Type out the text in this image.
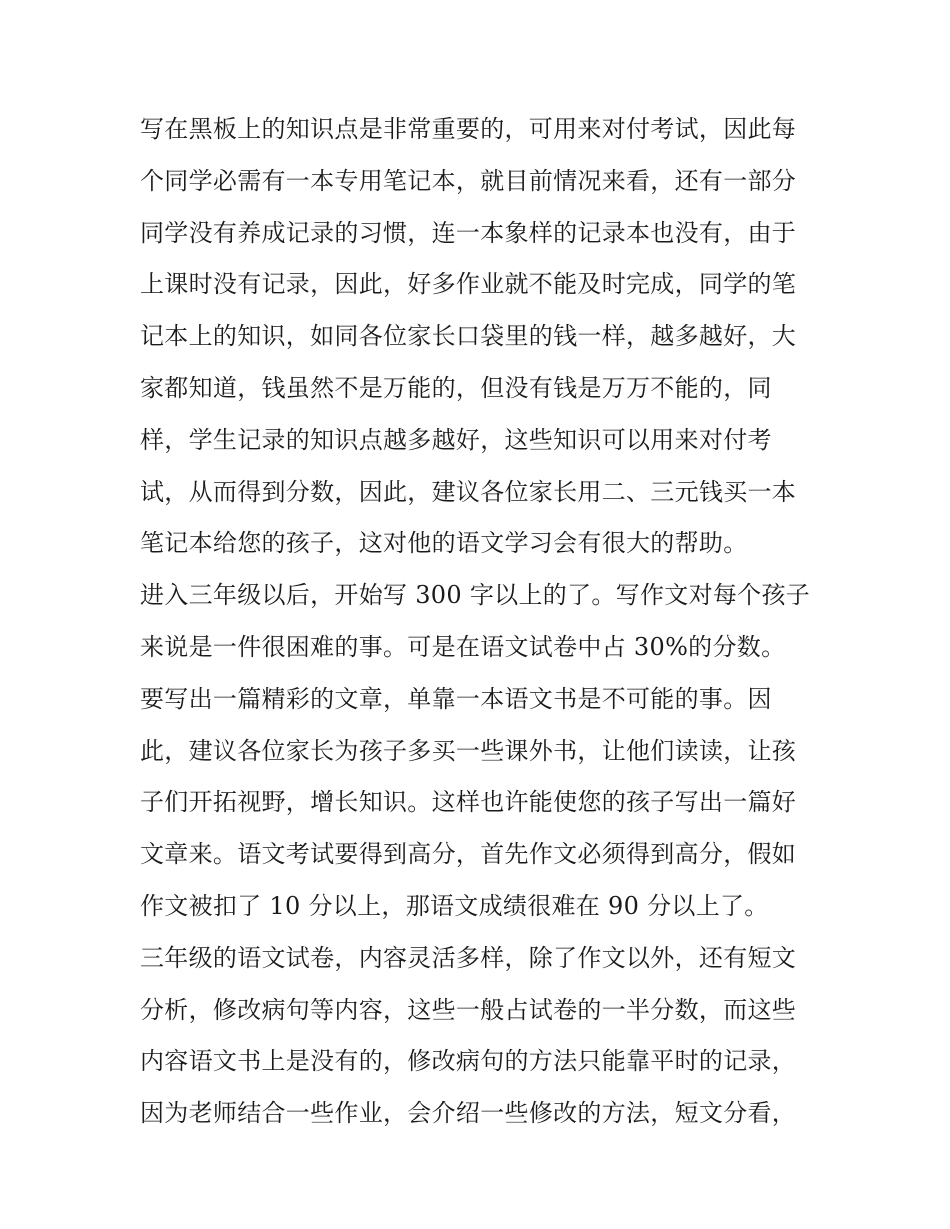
写在黑板上的知识点是非常重要的，可用来对付考试，因此每
个同学必需有一本专用笔记本，就目前情况来看，还有一部分
同学没有养成记录的习惯，连一本象样的记录本也没有，由于
上课时没有记录，因此，好多作业就不能及时完成，同学的笔
记本上的知识，如同各位家长口袋里的钱一样，越多越好，大
家都知道，钱虽然不是万能的，但没有钱是万万不能的，同
样，学生记录的知识点越多越好，这些知识可以用来对付考
试，从而得到分数，因此，建议各位家长用二、三元钱买一本
笔记本给您的孩子，这对他的语文学习会有很大的帮助。
进入三年级以后，开始写 300 字以上的了。写作文对每个孩子
来说是一件很困难的事。可是在语文试卷中占 30%的分数。
要写出一篇精彩的文章，单靠一本语文书是不可能的事。因
此，建议各位家长为孩子多买一些课外书，让他们读读，让孩
子们开拓视野，增长知识。这样也许能使您的孩子写出一篇好
文章来。语文考试要得到高分，首先作文必须得到高分，假如
作文被扣了 10 分以上，那语文成绩很难在 90 分以上了。
三年级的语文试卷，内容灵活多样，除了作文以外，还有短文
分析，修改病句等内容，这些一般占试卷的一半分数，而这些
内容语文书上是没有的，修改病句的方法只能靠平时的记录，
因为老师结合一些作业，会介绍一些修改的方法，短文分看，
